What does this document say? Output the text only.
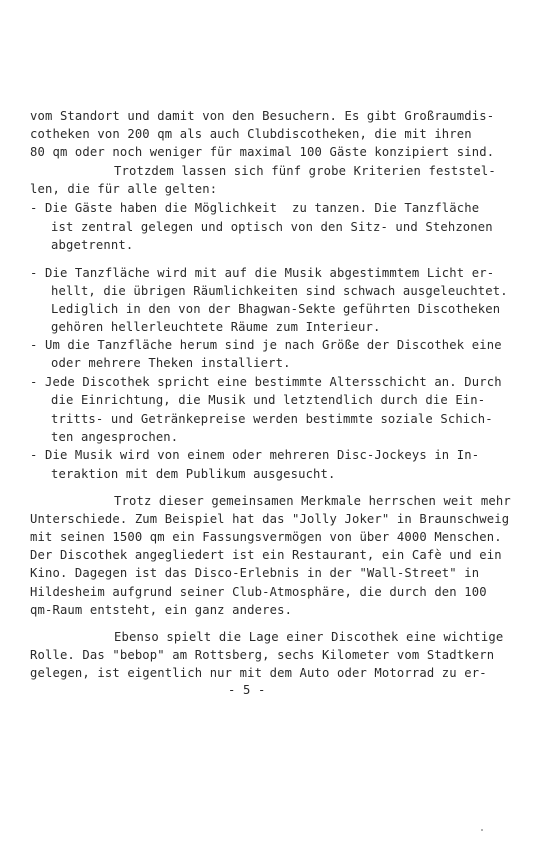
vom Standort und damit von den Besuchern. Es gibt Großraumdis-
cotheken von 200 qm als auch Clubdiscotheken, die mit ihren
80 qm oder noch weniger für maximal 100 Gäste konzipiert sind.
Trotzdem lassen sich fünf grobe Kriterien feststel-
len, die für alle gelten:
- Die Gäste haben die Möglichkeit  zu tanzen. Die Tanzfläche
ist zentral gelegen und optisch von den Sitz- und Stehzonen
abgetrennt.
- Die Tanzfläche wird mit auf die Musik abgestimmtem Licht er-
hellt, die übrigen Räumlichkeiten sind schwach ausgeleuchtet.
Lediglich in den von der Bhagwan-Sekte geführten Discotheken
gehören hellerleuchtete Räume zum Interieur.
- Um die Tanzfläche herum sind je nach Größe der Discothek eine
oder mehrere Theken installiert.
- Jede Discothek spricht eine bestimmte Altersschicht an. Durch
die Einrichtung, die Musik und letztendlich durch die Ein-
tritts- und Getränkepreise werden bestimmte soziale Schich-
ten angesprochen.
- Die Musik wird von einem oder mehreren Disc-Jockeys in In-
teraktion mit dem Publikum ausgesucht.
Trotz dieser gemeinsamen Merkmale herrschen weit mehr
Unterschiede. Zum Beispiel hat das "Jolly Joker" in Braunschweig
mit seinen 1500 qm ein Fassungsvermögen von über 4000 Menschen.
Der Discothek angegliedert ist ein Restaurant, ein Cafè und ein
Kino. Dagegen ist das Disco-Erlebnis in der "Wall-Street" in
Hildesheim aufgrund seiner Club-Atmosphäre, die durch den 100
qm-Raum entsteht, ein ganz anderes.
Ebenso spielt die Lage einer Discothek eine wichtige
Rolle. Das "bebop" am Rottsberg, sechs Kilometer vom Stadtkern
gelegen, ist eigentlich nur mit dem Auto oder Motorrad zu er-
- 5 -
